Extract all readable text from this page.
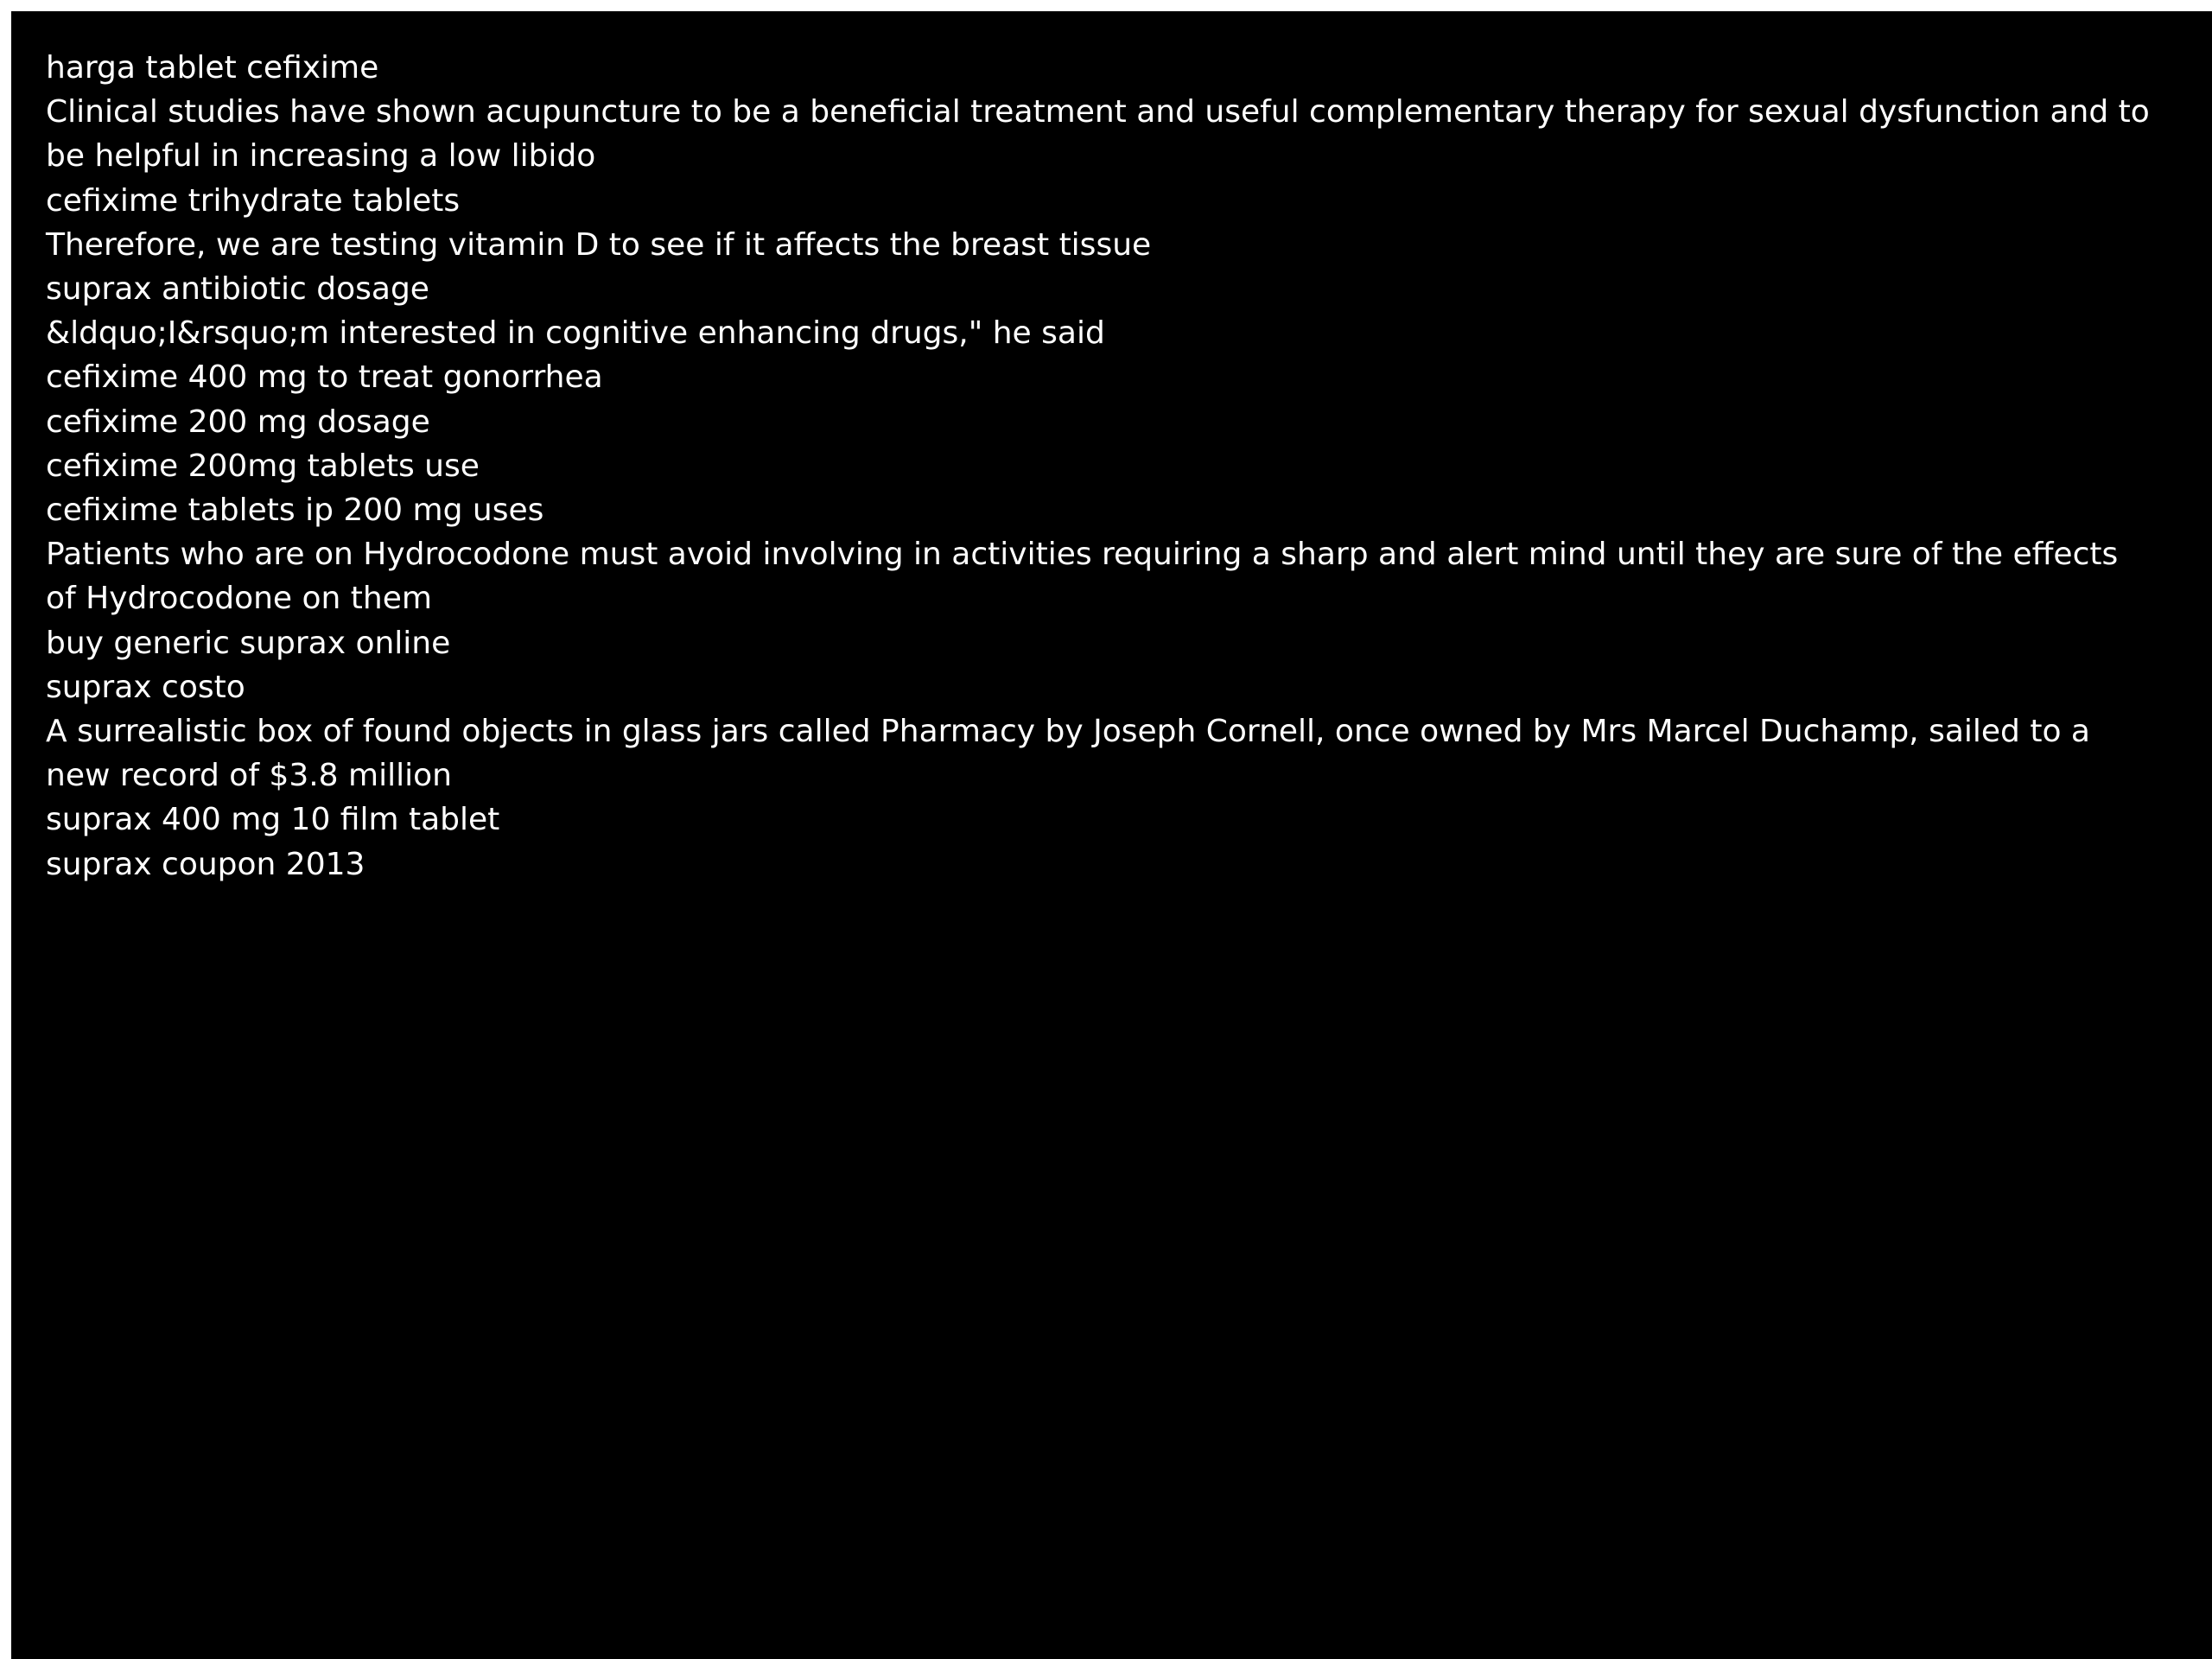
harga tablet cefixime

Clinical studies have shown acupuncture to be a beneficial treatment and useful complementary therapy for sexual dysfunction and to be helpful in increasing a low libido

cefixime trihydrate tablets

Therefore, we are testing vitamin D to see if it affects the breast tissue

suprax antibiotic dosage

&ldquo;I&rsquo;m interested in cognitive enhancing drugs," he said

cefixime 400 mg to treat gonorrhea

cefixime 200 mg dosage

cefixime 200mg tablets use

cefixime tablets ip 200 mg uses

Patients who are on Hydrocodone must avoid involving in activities requiring a sharp and alert mind until they are sure of the effects of Hydrocodone on them

buy generic suprax online

suprax costo

A surrealistic box of found objects in glass jars called Pharmacy by Joseph Cornell, once owned by Mrs Marcel Duchamp, sailed to a new record of $3.8 million

suprax 400 mg 10 film tablet

suprax coupon 2013
